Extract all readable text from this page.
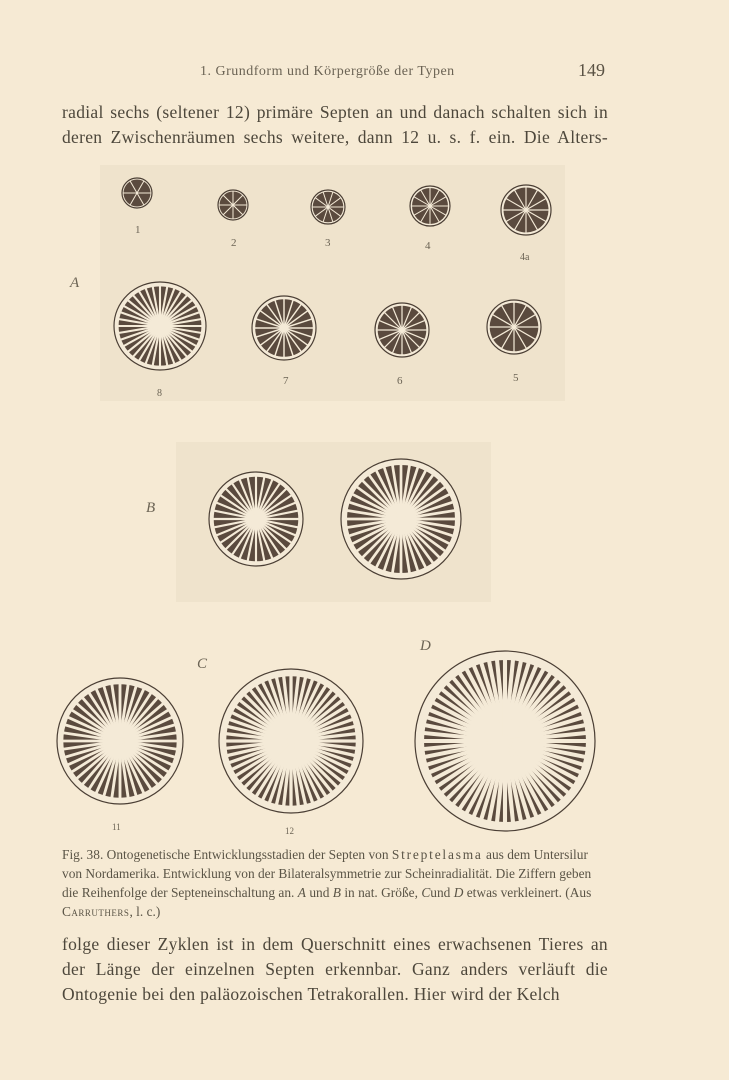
1. Grundform und Körpergröße der Typen	149
radial sechs (seltener 12) primäre Septen an und danach schalten sich in
deren Zwischenräumen sechs weitere, dann 12 u. s. f. ein. Die Alters-
A
B
C
D
1
2	3	4
4a
8
7	6	5
11	12
Fig. 38. Ontogenetische Entwicklungsstadien der Septen von Streptelasma aus dem Untersilur von Nordamerika. Entwicklung von der Bilateralsymmetrie zur Scheinradialität. Die Ziffern geben die Reihenfolge der Septeneinschaltung an. A und B in nat. Größe, Cund D etwas verkleinert. (Aus Carruthers, l. c.)
folge dieser Zyklen ist in dem Querschnitt eines erwachsenen Tieres an
der Länge der einzelnen Septen erkennbar. Ganz anders verläuft die
Ontogenie bei den paläozoischen Tetrakorallen. Hier wird der Kelch
